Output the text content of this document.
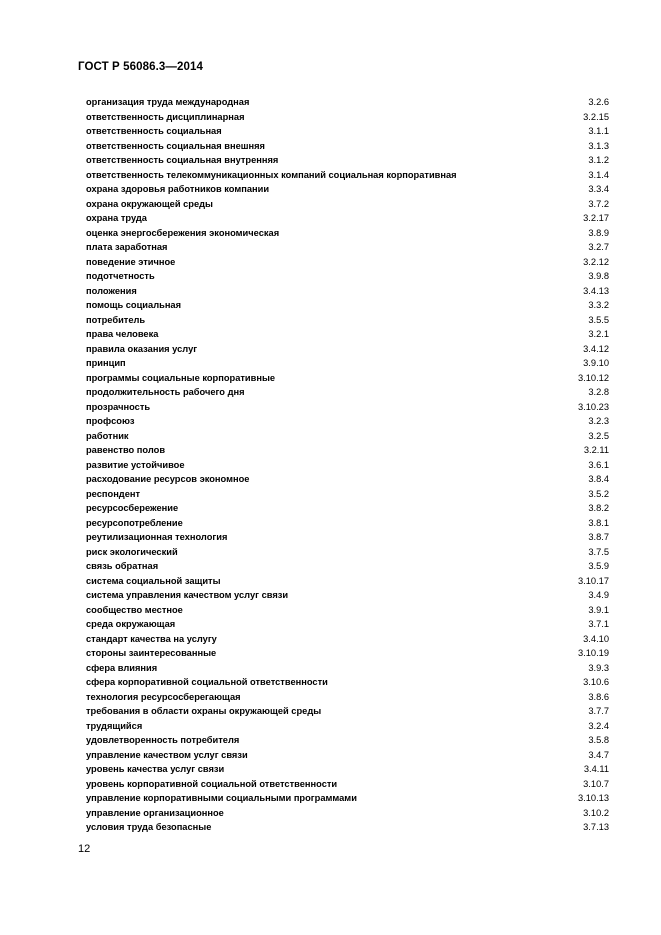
ГОСТ Р 56086.3—2014
организация труда международная	3.2.6
ответственность дисциплинарная	3.2.15
ответственность социальная	3.1.1
ответственность социальная внешняя	3.1.3
ответственность социальная внутренняя	3.1.2
ответственность телекоммуникационных компаний социальная корпоративная	3.1.4
охрана здоровья работников компании	3.3.4
охрана окружающей среды	3.7.2
охрана труда	3.2.17
оценка энергосбережения экономическая	3.8.9
плата заработная	3.2.7
поведение этичное	3.2.12
подотчетность	3.9.8
положения	3.4.13
помощь социальная	3.3.2
потребитель	3.5.5
права человека	3.2.1
правила оказания услуг	3.4.12
принцип	3.9.10
программы социальные корпоративные	3.10.12
продолжительность рабочего дня	3.2.8
прозрачность	3.10.23
профсоюз	3.2.3
работник	3.2.5
равенство полов	3.2.11
развитие устойчивое	3.6.1
расходование ресурсов экономное	3.8.4
респондент	3.5.2
ресурсосбережение	3.8.2
ресурсопотребление	3.8.1
реутилизационная технология	3.8.7
риск экологический	3.7.5
связь обратная	3.5.9
система социальной защиты	3.10.17
система управления качеством услуг связи	3.4.9
сообщество местное	3.9.1
среда окружающая	3.7.1
стандарт качества на услугу	3.4.10
стороны заинтересованные	3.10.19
сфера влияния	3.9.3
сфера корпоративной социальной ответственности	3.10.6
технология ресурсосберегающая	3.8.6
требования в области охраны окружающей среды	3.7.7
трудящийся	3.2.4
удовлетворенность потребителя	3.5.8
управление качеством услуг связи	3.4.7
уровень качества услуг связи	3.4.11
уровень корпоративной социальной ответственности	3.10.7
управление корпоративными социальными программами	3.10.13
управление организационное	3.10.2
условия труда безопасные	3.7.13
12
